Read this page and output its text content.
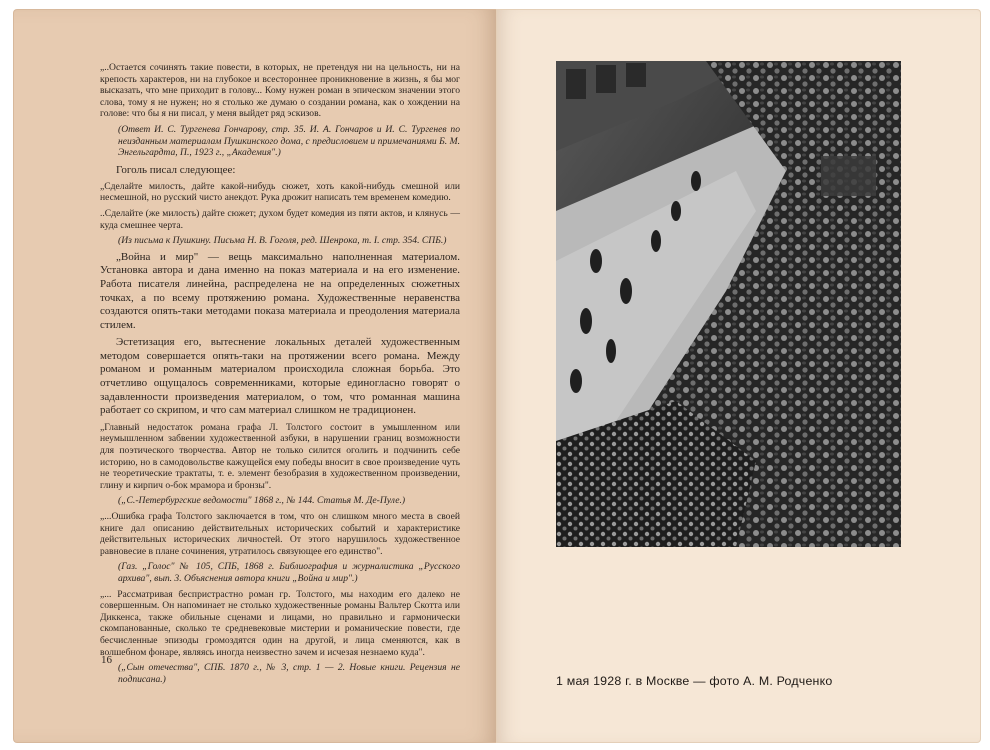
„..Остается сочинять такие повести, в которых, не претендуя ни на цельность, ни на крепость характеров, ни на глубокое и всестороннее проникновение в жизнь, я бы мог высказать, что мне приходит в голову... Кому нужен роман в эпическом значении этого слова, тому я не нужен; но я столько же думаю о создании романа, как о хождении на голове: что бы я ни писал, у меня выйдет ряд эскизов.

(Ответ И. С. Тургенева Гончарову, стр. 35. И. А. Гончаров и И. С. Тургенев по неизданным материалам Пушкинского дома, с предисловием и примечаниями Б. М. Энгельгардта, П., 1923 г., „Академия".)

Гоголь писал следующее:

„Сделайте милость, дайте какой-нибудь сюжет, хоть какой-нибудь смешной или несмешной, но русский чисто анекдот. Рука дрожит написать тем временем комедию.

..Сделайте (же милость) дайте сюжет; духом будет комедия из пяти актов, и клянусь — куда смешнее черта.

(Из письма к Пушкину. Письма Н. В. Гоголя, ред. Шенрока, т. I. стр. 354. СПБ.)

„Война и мир" — вещь максимально наполненная материалом. Установка автора и дана именно на показ материала и на его изменение. Работа писателя линейна, распределена не на определенных сюжетных точках, а по всему протяжению романа. Художественные неравенства создаются опять-таки методами показа материала и преодоления материала стилем.

Эстетизация его, вытеснение локальных деталей художественным методом совершается опять-таки на протяжении всего романа. Между романом и романным материалом происходила сложная борьба. Это отчетливо ощущалось современниками, которые единогласно говорят о задавленности произведения материалом, о том, что романная машина работает со скрипом, и что сам материал слишком не традиционен.

„Главный недостаток романа графа Л. Толстого состоит в умышленном или неумышленном забвении художественной азбуки, в нарушении границ возможности для поэтического творчества. Автор не только силится оголить и подчинить себе историю, но в самодовольстве кажущейся ему победы вносит в свое произведение чуть не теоретические трактаты, т. е. элемент безобразия в художественном произведении, глину и кирпич о-бок мрамора и бронзы".

(„С.-Петербургские ведомости" 1868 г., № 144. Статья М. Де-Пуле.)

„...Ошибка графа Толстого заключается в том, что он слишком много места в своей книге дал описанию действительных исторических событий и характеристике действительных исторических личностей. От этого нарушилось художественное равновесие в плане сочинения, утратилось связующее его единство".

(Газ. „Голос" № 105, СПБ, 1868 г. Библиография и журналистика „Русского архива", вып. 3. Объяснения автора книги „Война и мир".)

„... Рассматривая беспристрастно роман гр. Толстого, мы находим его далеко не совершенным. Он напоминает не столько художественные романы Вальтер Скотта или Диккенса, также обильные сценами и лицами, но правильно и гармонически скомпанованные, сколько те средневековые мистерии и романические повести, где бесчисленные эпизоды громоздятся один на другой, и лица сменяются, как в волшебном фонаре, являясь иногда неизвестно зачем и исчезая незнаемо куда".

(„Сын отечества", СПБ. 1870 г., № 3, стр. 1 — 2. Новые книги. Рецензия не подписана.)

16
1 мая 1928 г. в Москве — фото А. М. Родченко
